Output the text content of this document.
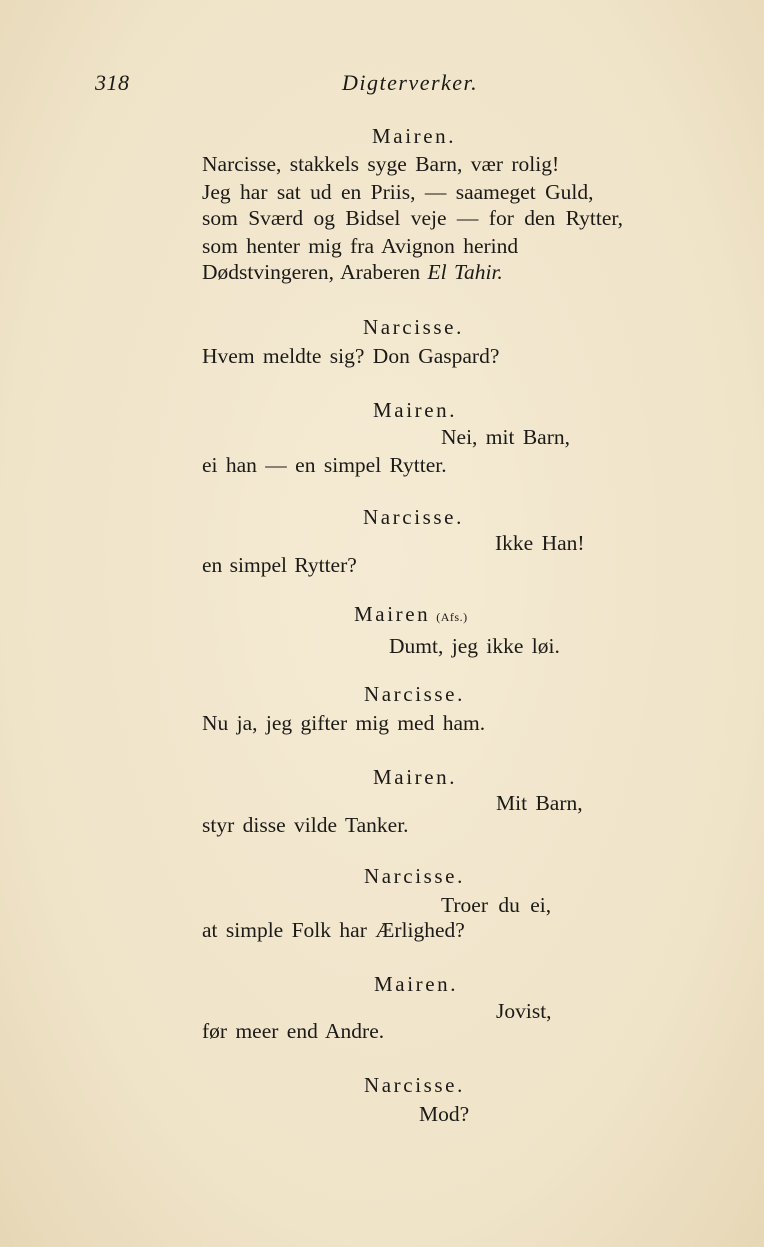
318	Digterverker.
Mairen.
Narcisse, stakkels syge Barn, vær rolig!
Jeg har sat ud en Priis, — saameget Guld,
som Sværd og Bidsel veje — for den Rytter,
som henter mig fra Avignon herind
Dødstvingeren, Araberen El Tahir.
Narcisse.
Hvem meldte sig? Don Gaspard?
Mairen.
Nei, mit Barn,
ei han — en simpel Rytter.
Narcisse.
Ikke Han!
en simpel Rytter?
Mairen (Afs.)
Dumt, jeg ikke løi.
Narcisse.
Nu ja, jeg gifter mig med ham.
Mairen.
Mit Barn,
styr disse vilde Tanker.
Narcisse.
Troer du ei,
at simple Folk har Ærlighed?
Mairen.
Jovist,
før meer end Andre.
Narcisse.
Mod?
